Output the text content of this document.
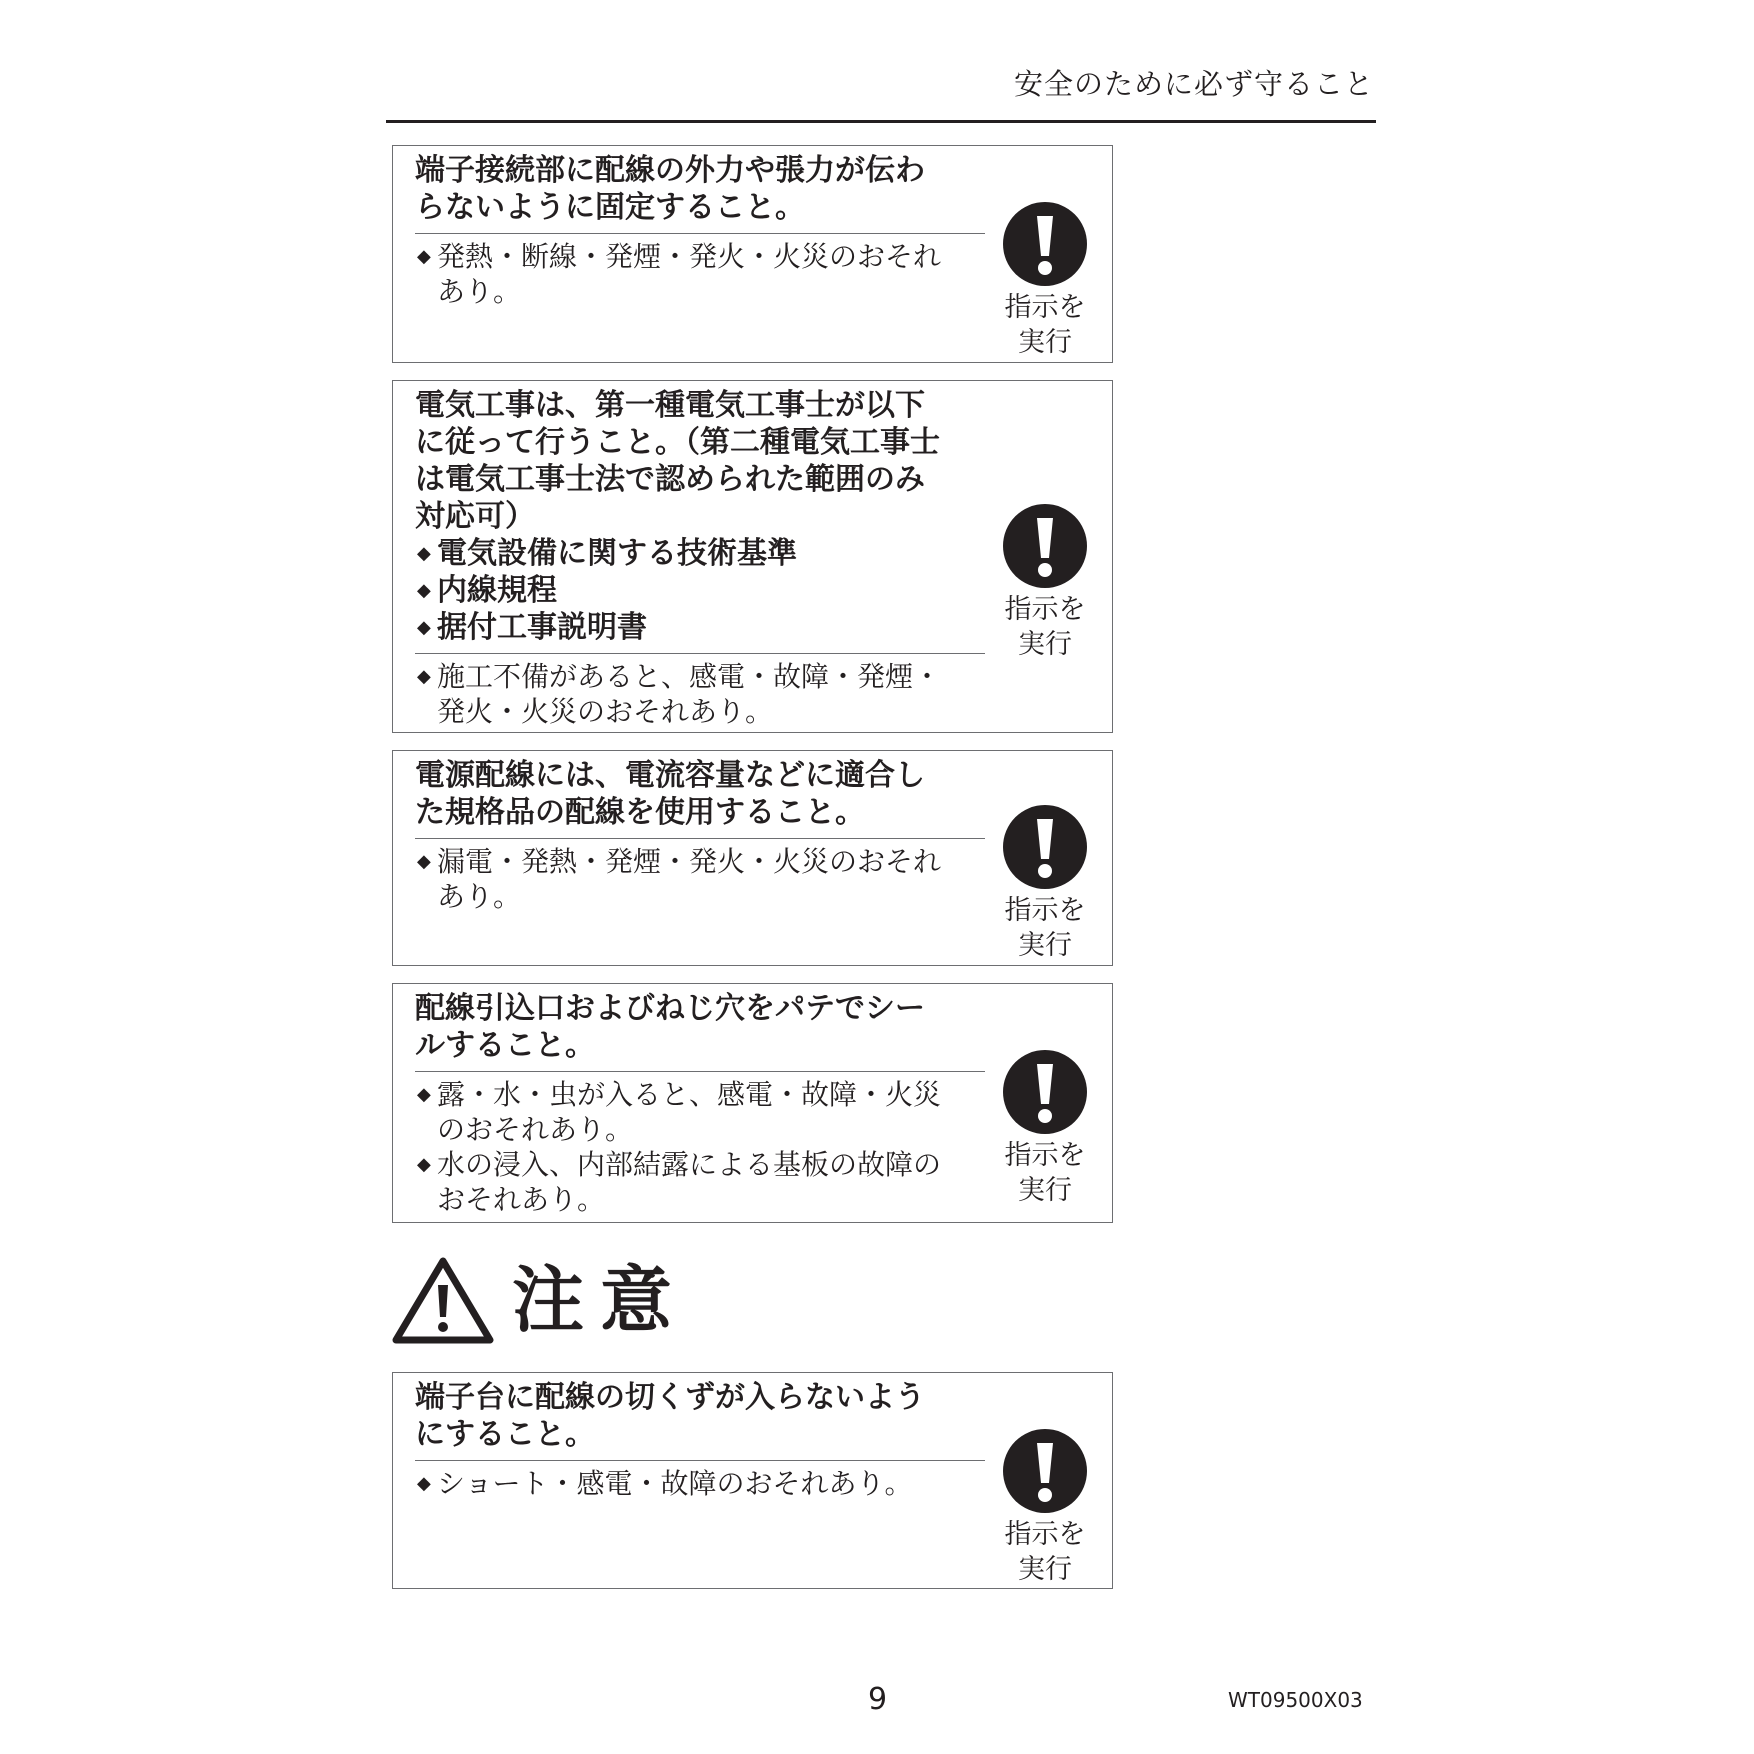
安全のために必ず守ること
端子接続部に配線の外力や張力が伝わ
らないように固定すること。
◆ 発熱・断線・発煙・発火・火災のおそれ
あり。	指示を
実行
電気工事は、第一種電気工事士が以下
に従って行うこと。（第二種電気工事士
は電気工事士法で認められた範囲のみ
対応可）
◆ 電気設備に関する技術基準
◆ 内線規程
◆ 据付工事説明書
◆ 施工不備があると、感電・故障・発煙・
発火・火災のおそれあり。
指示を
実行
電源配線には、電流容量などに適合し
た規格品の配線を使用すること。
◆ 漏電・発熱・発煙・発火・火災のおそれ
あり。	指示を
実行
配線引込口およびねじ穴をパテでシー
ルすること。
◆ 露・水・虫が入ると、感電・故障・火災
のおそれあり。
◆ 水の浸入、内部結露による基板の故障の
おそれあり。
指示を
実行
注意
端子台に配線の切くずが入らないよう
にすること。
◆ ショート・感電・故障のおそれあり。
指示を
実行
9	WT09500X03
